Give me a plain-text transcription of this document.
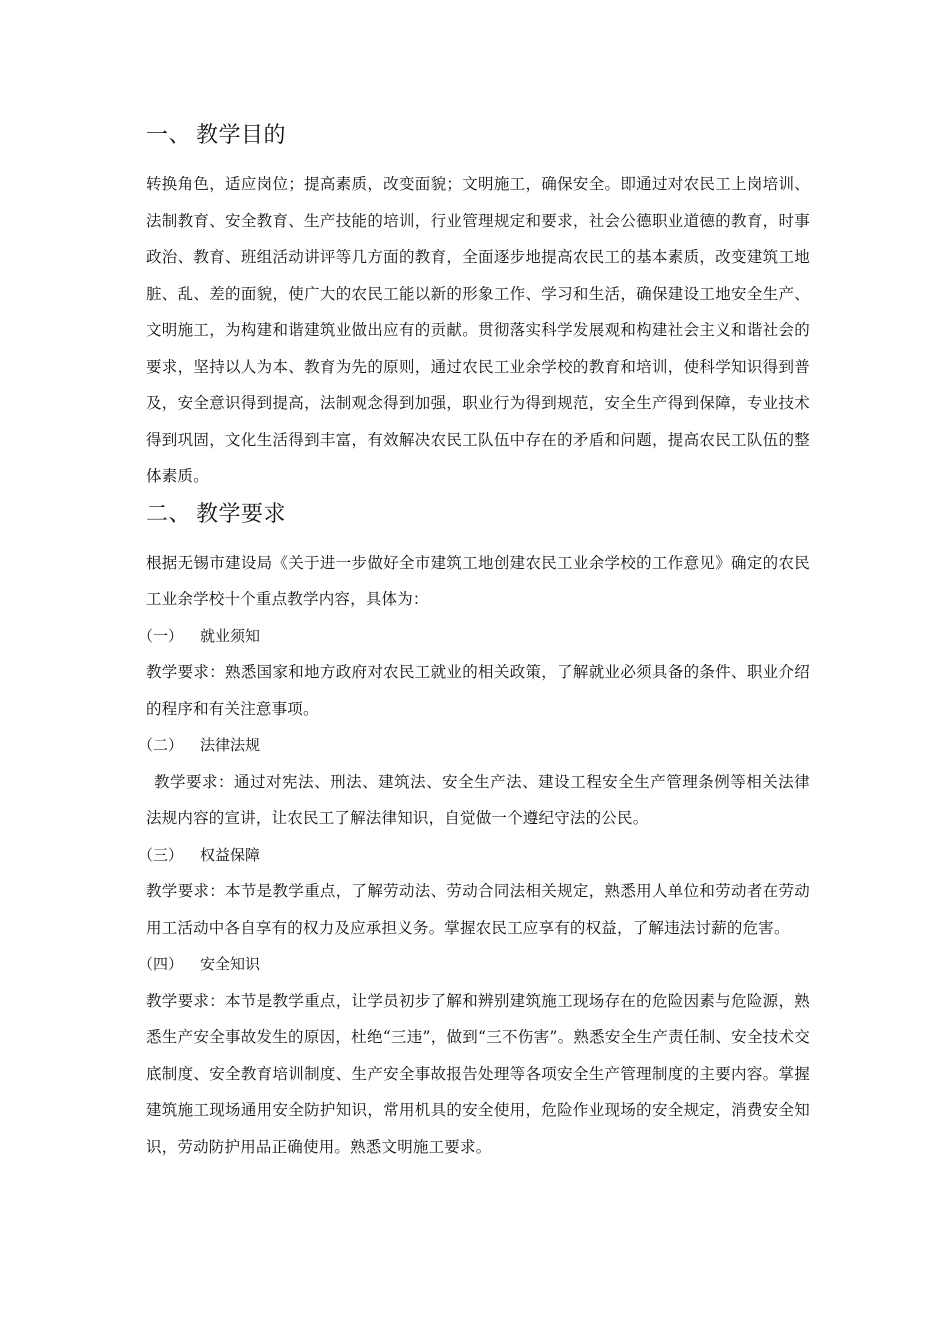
一、 教学目的

转换角色，适应岗位；提高素质，改变面貌；文明施工，确保安全。即通过对农民工上岗培训、法制教育、安全教育、生产技能的培训，行业管理规定和要求，社会公德职业道德的教育，时事政治、教育、班组活动讲评等几方面的教育，全面逐步地提高农民工的基本素质，改变建筑工地脏、乱、差的面貌，使广大的农民工能以新的形象工作、学习和生活，确保建设工地安全生产、文明施工，为构建和谐建筑业做出应有的贡献。贯彻落实科学发展观和构建社会主义和谐社会的要求，坚持以人为本、教育为先的原则，通过农民工业余学校的教育和培训，使科学知识得到普及，安全意识得到提高，法制观念得到加强，职业行为得到规范，安全生产得到保障，专业技术得到巩固，文化生活得到丰富，有效解决农民工队伍中存在的矛盾和问题，提高农民工队伍的整体素质。

二、 教学要求

根据无锡市建设局《关于进一步做好全市建筑工地创建农民工业余学校的工作意见》确定的农民工业余学校十个重点教学内容，具体为：

（一） 就业须知

教学要求：熟悉国家和地方政府对农民工就业的相关政策，了解就业必须具备的条件、职业介绍的程序和有关注意事项。

（二） 法律法规

教学要求：通过对宪法、刑法、建筑法、安全生产法、建设工程安全生产管理条例等相关法律法规内容的宣讲，让农民工了解法律知识，自觉做一个遵纪守法的公民。

（三） 权益保障

教学要求：本节是教学重点，了解劳动法、劳动合同法相关规定，熟悉用人单位和劳动者在劳动用工活动中各自享有的权力及应承担义务。掌握农民工应享有的权益，了解违法讨薪的危害。

（四） 安全知识

教学要求：本节是教学重点，让学员初步了解和辨别建筑施工现场存在的危险因素与危险源，熟悉生产安全事故发生的原因，杜绝“三违”，做到“三不伤害”。熟悉安全生产责任制、安全技术交底制度、安全教育培训制度、生产安全事故报告处理等各项安全生产管理制度的主要内容。掌握建筑施工现场通用安全防护知识，常用机具的安全使用，危险作业现场的安全规定，消费安全知识，劳动防护用品正确使用。熟悉文明施工要求。
